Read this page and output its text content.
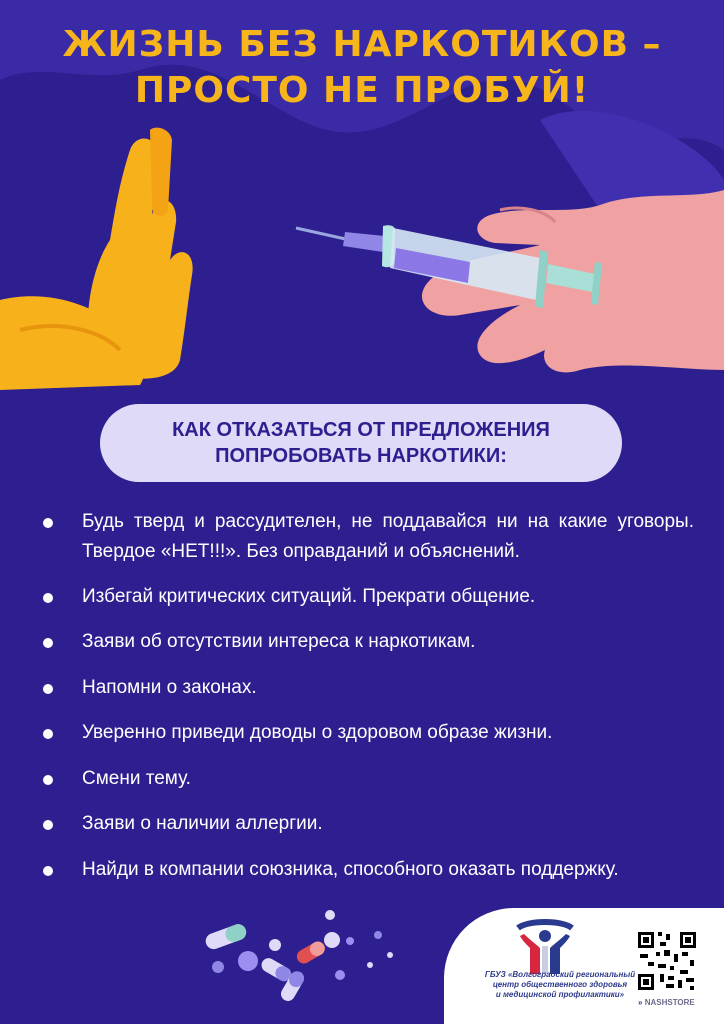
ЖИЗНЬ БЕЗ НАРКОТИКОВ –
ПРОСТО НЕ ПРОБУЙ!
КАК ОТКАЗАТЬСЯ ОТ ПРЕДЛОЖЕНИЯ
ПОПРОБОВАТЬ НАРКОТИКИ:
Будь тверд и рассудителен, не поддавайся ни на какие уговоры. Твердое «НЕТ!!!». Без оправданий и объяснений.
Избегай критических ситуаций. Прекрати общение.
Заяви об отсутствии интереса к наркотикам.
Напомни о законах.
Уверенно приведи доводы о здоровом образе жизни.
Смени тему.
Заяви о наличии аллергии.
Найди в компании союзника, способного оказать поддержку.
ГБУЗ «Волгоградский региональный
центр общественного здоровья
и медицинской профилактики»
» NASHSTORE
